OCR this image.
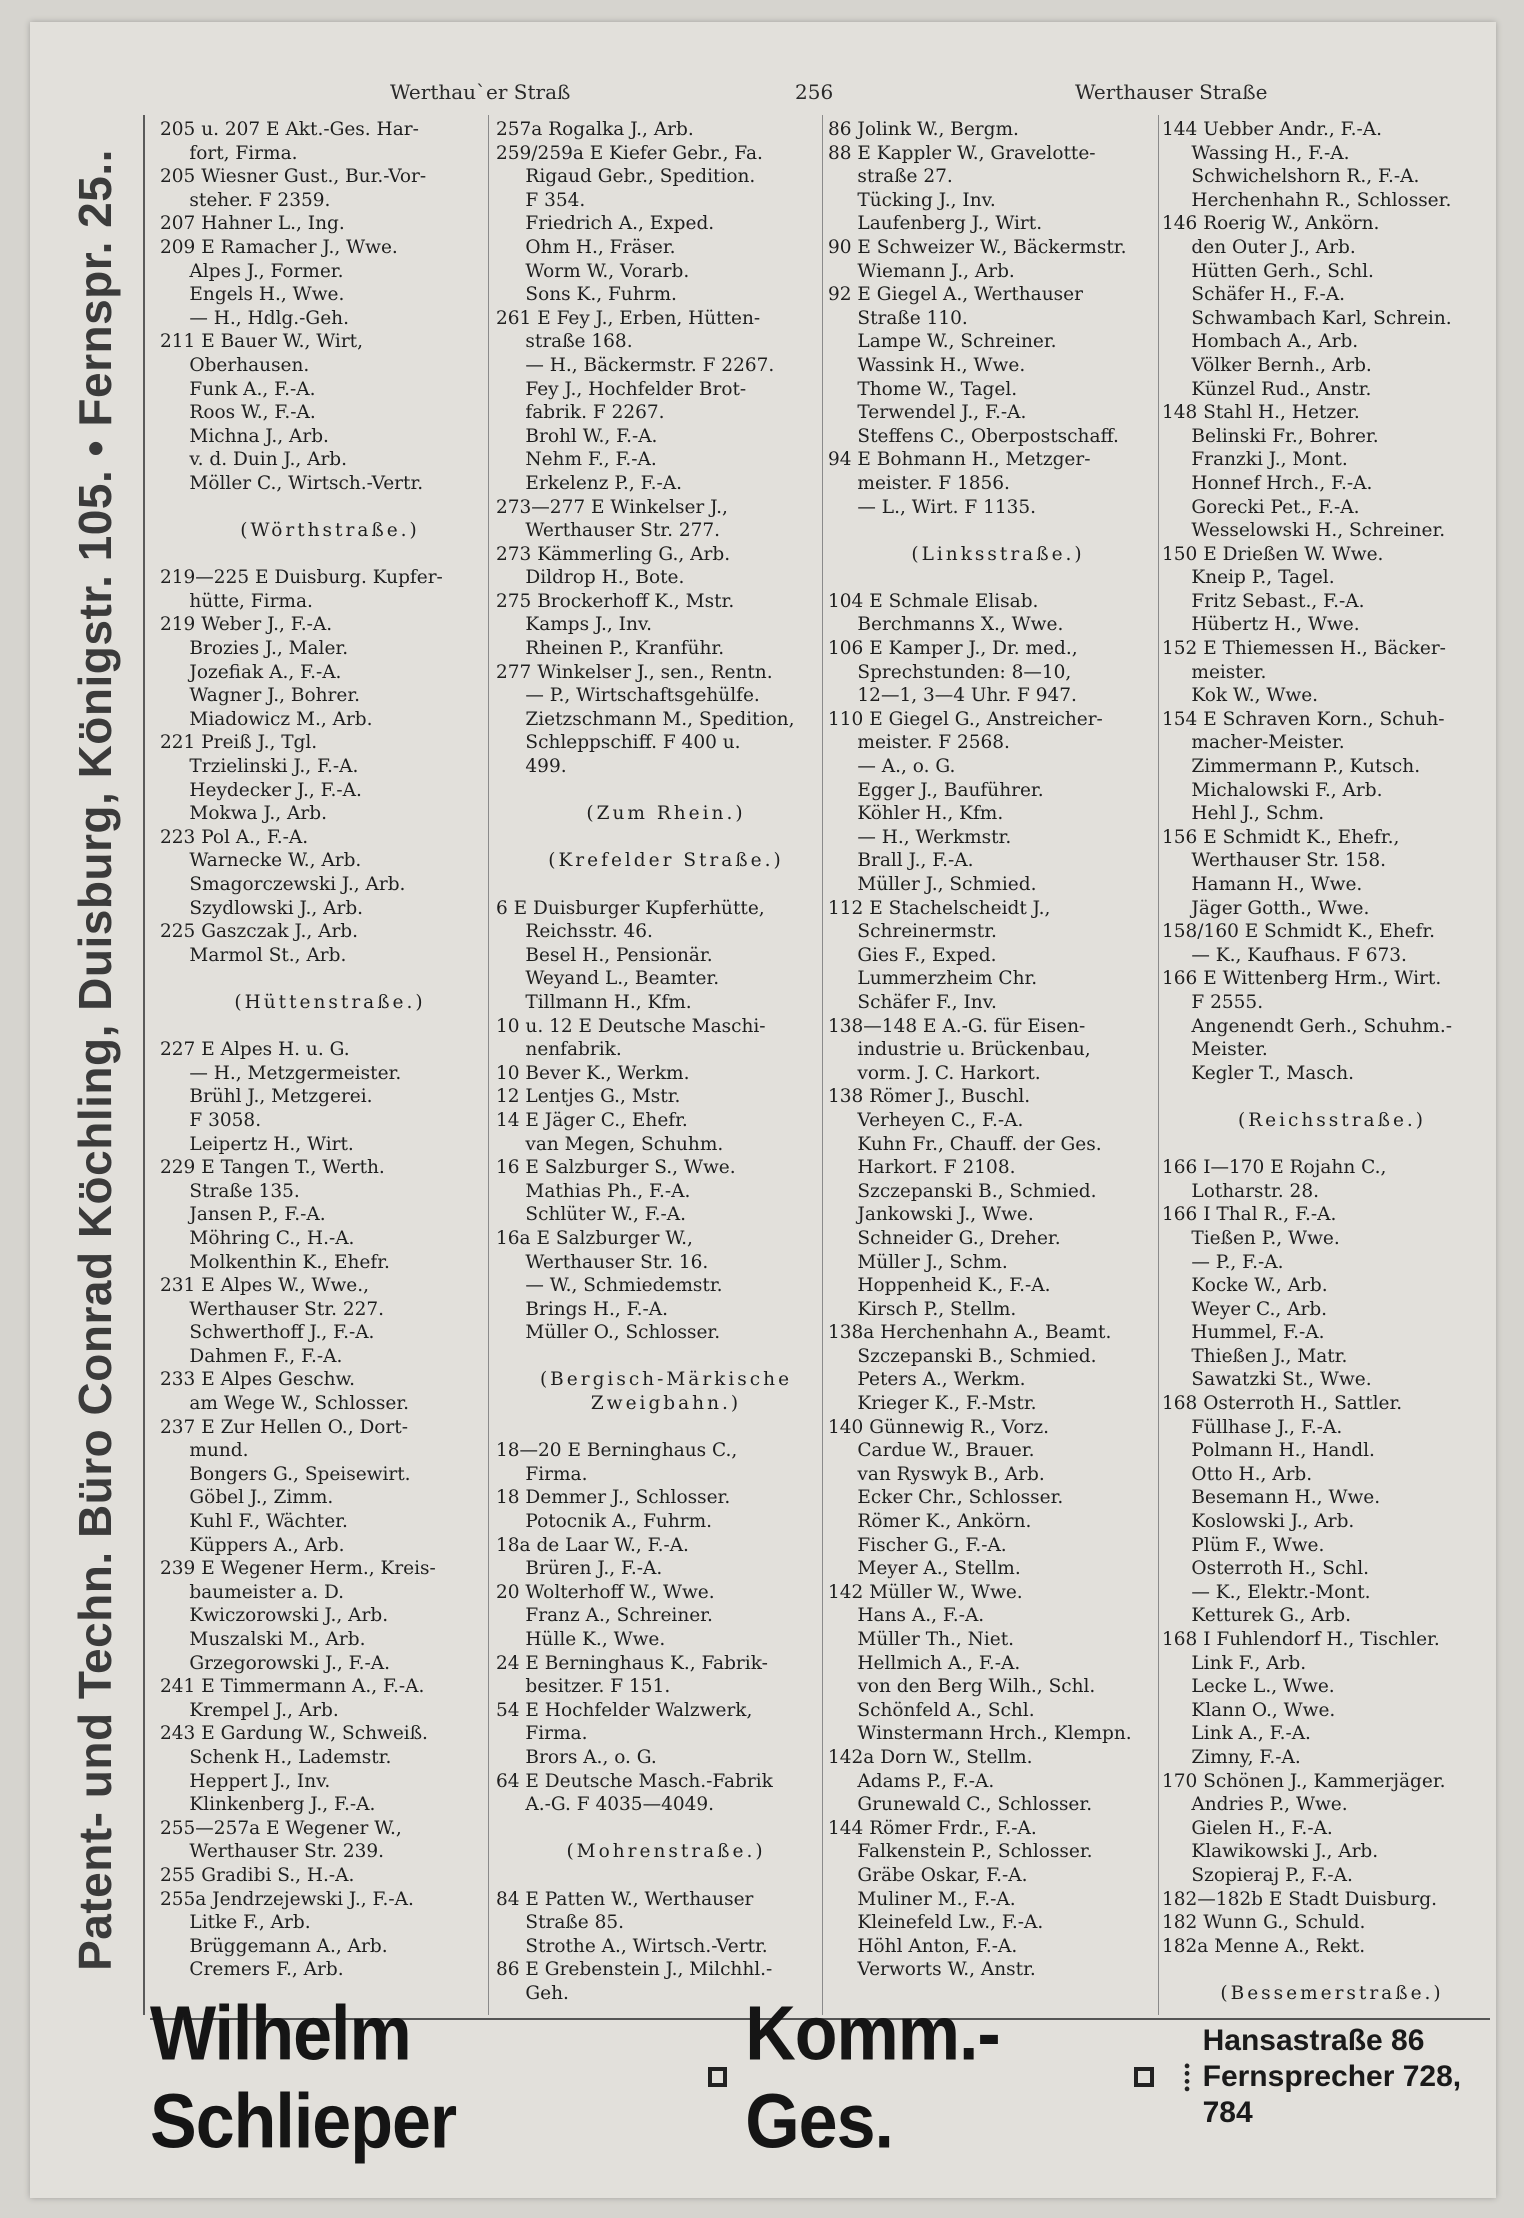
Patent- und Techn. Büro Conrad Köchling, Duisburg, Königstr. 105. • Fernspr. 25..
Werthau`er Straß	256	Werthauser Straße
205 u. 207 E Akt.-Ges. Har-
fort, Firma.
205 Wiesner Gust., Bur.-Vor-
steher. F 2359.
207 Hahner L., Ing.
209 E Ramacher J., Wwe.
Alpes J., Former.
Engels H., Wwe.
— H., Hdlg.-Geh.
211 E Bauer W., Wirt,
Oberhausen.
Funk A., F.-A.
Roos W., F.-A.
Michna J., Arb.
v. d. Duin J., Arb.
Möller C., Wirtsch.-Vertr.
(Wörthstraße.)
219—225 E Duisburg. Kupfer-
hütte, Firma.
219 Weber J., F.-A.
Brozies J., Maler.
Jozefiak A., F.-A.
Wagner J., Bohrer.
Miadowicz M., Arb.
221 Preiß J., Tgl.
Trzielinski J., F.-A.
Heydecker J., F.-A.
Mokwa J., Arb.
223 Pol A., F.-A.
Warnecke W., Arb.
Smagorczewski J., Arb.
Szydlowski J., Arb.
225 Gaszczak J., Arb.
Marmol St., Arb.
(Hüttenstraße.)
227 E Alpes H. u. G.
— H., Metzgermeister.
Brühl J., Metzgerei.
F 3058.
Leipertz H., Wirt.
229 E Tangen T., Werth.
Straße 135.
Jansen P., F.-A.
Möhring C., H.-A.
Molkenthin K., Ehefr.
231 E Alpes W., Wwe.,
Werthauser Str. 227.
Schwerthoff J., F.-A.
Dahmen F., F.-A.
233 E Alpes Geschw.
am Wege W., Schlosser.
237 E Zur Hellen O., Dort-
mund.
Bongers G., Speisewirt.
Göbel J., Zimm.
Kuhl F., Wächter.
Küppers A., Arb.
239 E Wegener Herm., Kreis-
baumeister a. D.
Kwiczorowski J., Arb.
Muszalski M., Arb.
Grzegorowski J., F.-A.
241 E Timmermann A., F.-A.
Krempel J., Arb.
243 E Gardung W., Schweiß.
Schenk H., Lademstr.
Heppert J., Inv.
Klinkenberg J., F.-A.
255—257a E Wegener W.,
Werthauser Str. 239.
255 Gradibi S., H.-A.
255a Jendrzejewski J., F.-A.
Litke F., Arb.
Brüggemann A., Arb.
Cremers F., Arb.
257a Rogalka J., Arb.
259/259a E Kiefer Gebr., Fa.
Rigaud Gebr., Spedition.
F 354.
Friedrich A., Exped.
Ohm H., Fräser.
Worm W., Vorarb.
Sons K., Fuhrm.
261 E Fey J., Erben, Hütten-
straße 168.
— H., Bäckermstr. F 2267.
Fey J., Hochfelder Brot-
fabrik. F 2267.
Brohl W., F.-A.
Nehm F., F.-A.
Erkelenz P., F.-A.
273—277 E Winkelser J.,
Werthauser Str. 277.
273 Kämmerling G., Arb.
Dildrop H., Bote.
275 Brockerhoff K., Mstr.
Kamps J., Inv.
Rheinen P., Kranführ.
277 Winkelser J., sen., Rentn.
— P., Wirtschaftsgehülfe.
Zietzschmann M., Spedition,
Schleppschiff. F 400 u.
499.
(Zum Rhein.)
(Krefelder Straße.)
6 E Duisburger Kupferhütte,
Reichsstr. 46.
Besel H., Pensionär.
Weyand L., Beamter.
Tillmann H., Kfm.
10 u. 12 E Deutsche Maschi-
nenfabrik.
10 Bever K., Werkm.
12 Lentjes G., Mstr.
14 E Jäger C., Ehefr.
van Megen, Schuhm.
16 E Salzburger S., Wwe.
Mathias Ph., F.-A.
Schlüter W., F.-A.
16a E Salzburger W.,
Werthauser Str. 16.
— W., Schmiedemstr.
Brings H., F.-A.
Müller O., Schlosser.
(Bergisch-Märkische
Zweigbahn.)
18—20 E Berninghaus C.,
Firma.
18 Demmer J., Schlosser.
Potocnik A., Fuhrm.
18a de Laar W., F.-A.
Brüren J., F.-A.
20 Wolterhoff W., Wwe.
Franz A., Schreiner.
Hülle K., Wwe.
24 E Berninghaus K., Fabrik-
besitzer. F 151.
54 E Hochfelder Walzwerk,
Firma.
Brors A., o. G.
64 E Deutsche Masch.-Fabrik
A.-G. F 4035—4049.
(Mohrenstraße.)
84 E Patten W., Werthauser
Straße 85.
Strothe A., Wirtsch.-Vertr.
86 E Grebenstein J., Milchhl.-
Geh.
86 Jolink W., Bergm.
88 E Kappler W., Gravelotte-
straße 27.
Tücking J., Inv.
Laufenberg J., Wirt.
90 E Schweizer W., Bäckermstr.
Wiemann J., Arb.
92 E Giegel A., Werthauser
Straße 110.
Lampe W., Schreiner.
Wassink H., Wwe.
Thome W., Tagel.
Terwendel J., F.-A.
Steffens C., Oberpostschaff.
94 E Bohmann H., Metzger-
meister. F 1856.
— L., Wirt. F 1135.
(Linksstraße.)
104 E Schmale Elisab.
Berchmanns X., Wwe.
106 E Kamper J., Dr. med.,
Sprechstunden: 8—10,
12—1, 3—4 Uhr. F 947.
110 E Giegel G., Anstreicher-
meister. F 2568.
— A., o. G.
Egger J., Bauführer.
Köhler H., Kfm.
— H., Werkmstr.
Brall J., F.-A.
Müller J., Schmied.
112 E Stachelscheidt J.,
Schreinermstr.
Gies F., Exped.
Lummerzheim Chr.
Schäfer F., Inv.
138—148 E A.-G. für Eisen-
industrie u. Brückenbau,
vorm. J. C. Harkort.
138 Römer J., Buschl.
Verheyen C., F.-A.
Kuhn Fr., Chauff. der Ges.
Harkort. F 2108.
Szczepanski B., Schmied.
Jankowski J., Wwe.
Schneider G., Dreher.
Müller J., Schm.
Hoppenheid K., F.-A.
Kirsch P., Stellm.
138a Herchenhahn A., Beamt.
Szczepanski B., Schmied.
Peters A., Werkm.
Krieger K., F.-Mstr.
140 Günnewig R., Vorz.
Cardue W., Brauer.
van Ryswyk B., Arb.
Ecker Chr., Schlosser.
Römer K., Ankörn.
Fischer G., F.-A.
Meyer A., Stellm.
142 Müller W., Wwe.
Hans A., F.-A.
Müller Th., Niet.
Hellmich A., F.-A.
von den Berg Wilh., Schl.
Schönfeld A., Schl.
Winstermann Hrch., Klempn.
142a Dorn W., Stellm.
Adams P., F.-A.
Grunewald C., Schlosser.
144 Römer Frdr., F.-A.
Falkenstein P., Schlosser.
Gräbe Oskar, F.-A.
Muliner M., F.-A.
Kleinefeld Lw., F.-A.
Höhl Anton, F.-A.
Verworts W., Anstr.
144 Uebber Andr., F.-A.
Wassing H., F.-A.
Schwichelshorn R., F.-A.
Herchenhahn R., Schlosser.
146 Roerig W., Ankörn.
den Outer J., Arb.
Hütten Gerh., Schl.
Schäfer H., F.-A.
Schwambach Karl, Schrein.
Hombach A., Arb.
Völker Bernh., Arb.
Künzel Rud., Anstr.
148 Stahl H., Hetzer.
Belinski Fr., Bohrer.
Franzki J., Mont.
Honnef Hrch., F.-A.
Gorecki Pet., F.-A.
Wesselowski H., Schreiner.
150 E Drießen W. Wwe.
Kneip P., Tagel.
Fritz Sebast., F.-A.
Hübertz H., Wwe.
152 E Thiemessen H., Bäcker-
meister.
Kok W., Wwe.
154 E Schraven Korn., Schuh-
macher-Meister.
Zimmermann P., Kutsch.
Michalowski F., Arb.
Hehl J., Schm.
156 E Schmidt K., Ehefr.,
Werthauser Str. 158.
Hamann H., Wwe.
Jäger Gotth., Wwe.
158/160 E Schmidt K., Ehefr.
— K., Kaufhaus. F 673.
166 E Wittenberg Hrm., Wirt.
F 2555.
Angenendt Gerh., Schuhm.-
Meister.
Kegler T., Masch.
(Reichsstraße.)
166 I—170 E Rojahn C.,
Lotharstr. 28.
166 I Thal R., F.-A.
Tießen P., Wwe.
— P., F.-A.
Kocke W., Arb.
Weyer C., Arb.
Hummel, F.-A.
Thießen J., Matr.
Sawatzki St., Wwe.
168 Osterroth H., Sattler.
Füllhase J., F.-A.
Polmann H., Handl.
Otto H., Arb.
Besemann H., Wwe.
Koslowski J., Arb.
Plüm F., Wwe.
Osterroth H., Schl.
— K., Elektr.-Mont.
Ketturek G., Arb.
168 I Fuhlendorf H., Tischler.
Link F., Arb.
Lecke L., Wwe.
Klann O., Wwe.
Link A., F.-A.
Zimny, F.-A.
170 Schönen J., Kammerjäger.
Andries P., Wwe.
Gielen H., F.-A.
Klawikowski J., Arb.
Szopieraj P., F.-A.
182—182b E Stadt Duisburg.
182 Wunn G., Schuld.
182a Menne A., Rekt.
(Bessemerstraße.)
Wilhelm Schlieper
Komm.-Ges.
⁞
Hansastraße 86
Fernsprecher 728, 784
